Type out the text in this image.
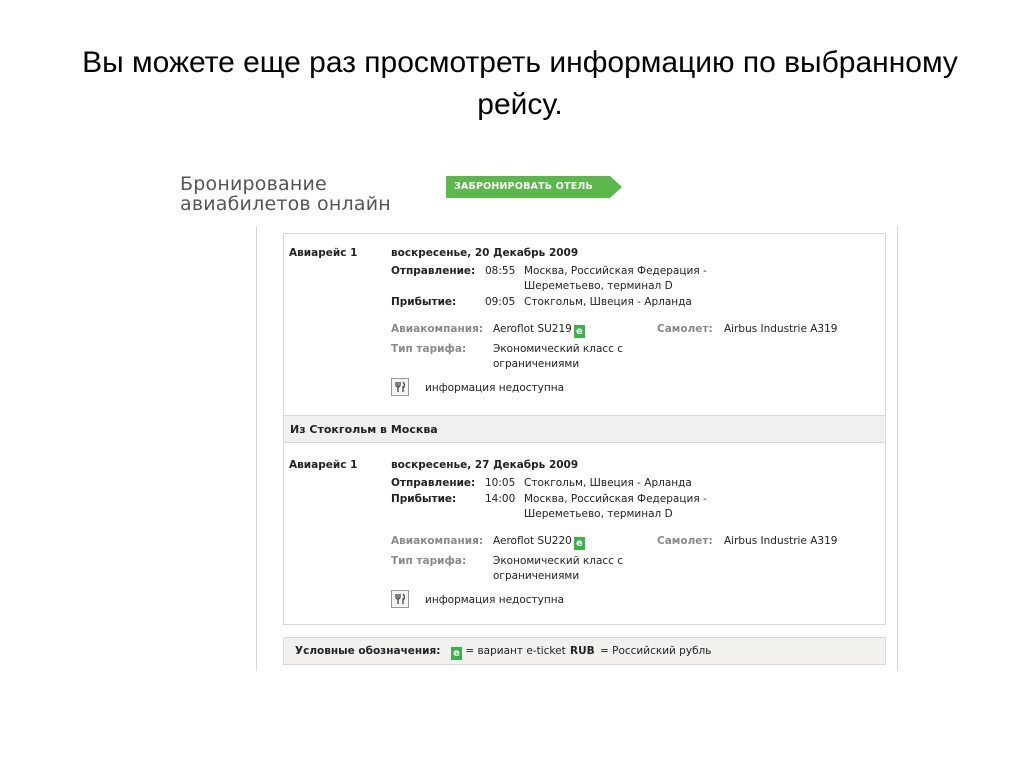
Вы можете еще раз просмотреть информацию по выбранному рейсу.
Бронирование
авиабилетов онлайн
ЗАБРОНИРОВАТЬ ОТЕЛЬ
Авиарейс 1	воскресенье, 20 Декабрь 2009
Отправление: 08:55 Москва, Российская Федерация -
Шереметьево, терминал D
Прибытие:	09:05 Стокгольм, Швеция - Арланда
Авиакомпания: Aeroflot SU219 e	Самолет: Airbus Industrie A319
Тип тарифа:	Экономический класс с
ограничениями
информация недоступна
Из Стокгольм в Москва
Авиарейс 1	воскресенье, 27 Декабрь 2009
Отправление: 10:05 Стокгольм, Швеция - Арланда
Прибытие:	14:00 Москва, Российская Федерация -
Шереметьево, терминал D
Авиакомпания: Aeroflot SU220 e	Самолет: Airbus Industrie A319
Тип тарифа:	Экономический класс с
ограничениями
информация недоступна
Условные обозначения:	e = вариант e-ticket RUB = Российский рубль
